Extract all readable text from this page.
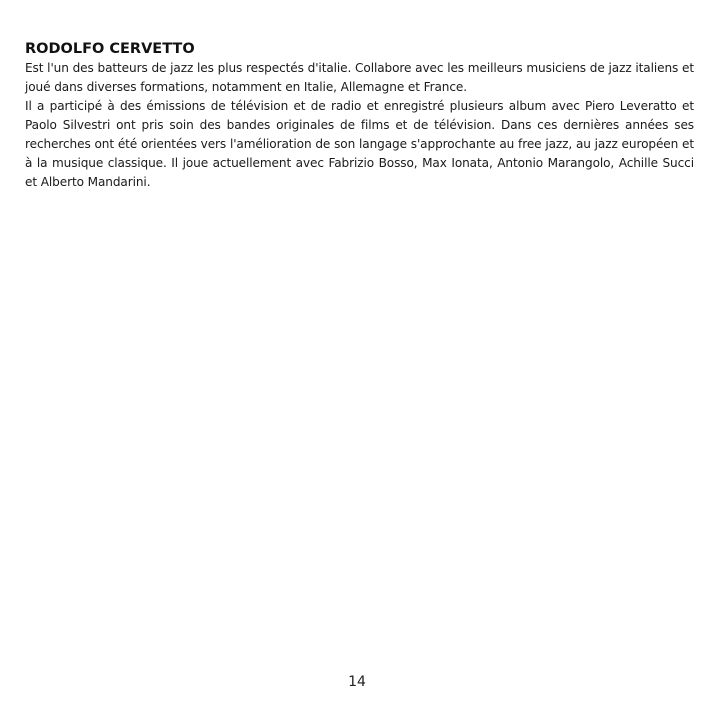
RODOLFO CERVETTO

Est l'un des batteurs de jazz les plus respectés d'italie. Collabore avec les meilleurs musiciens de jazz italiens et joué dans diverses formations, notamment en Italie, Allemagne et France.

Il a participé à des émissions de télévision et de radio et enregistré plusieurs album avec Piero Leveratto et Paolo Silvestri ont pris soin des bandes originales de films et de télévision. Dans ces dernières années ses recherches ont été orientées vers l'amélioration de son langage s'approchante au free jazz, au jazz européen et à la musique classique. Il joue actuellement avec Fabrizio Bosso, Max Ionata, Antonio Marangolo, Achille Succi et Alberto Mandarini.

14
